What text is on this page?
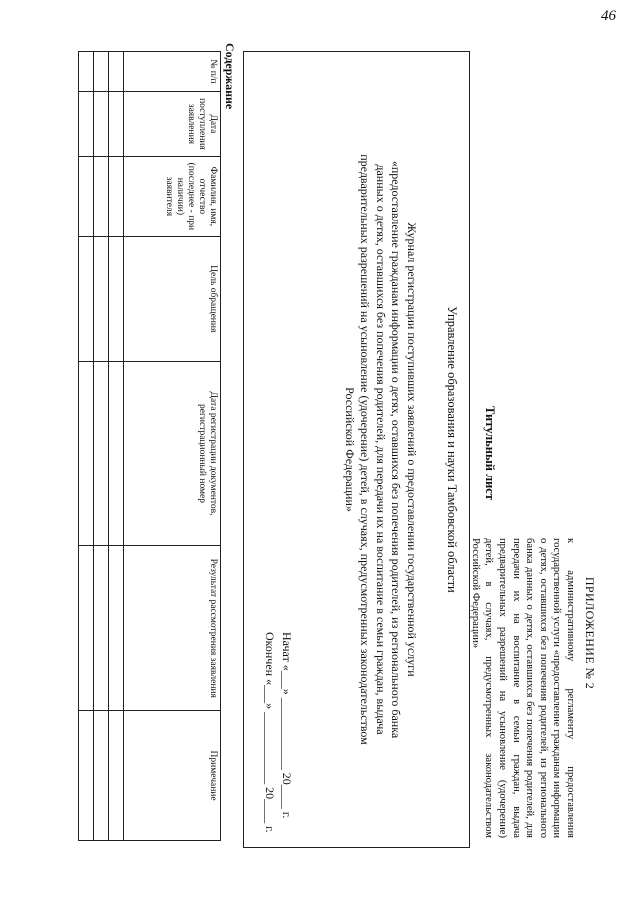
46
ПРИЛОЖЕНИЕ № 2
к административному регламенту предоставления государственной услуги «предоставление гражданам информации о детях, оставшихся без попечения родителей, из регионального банка данных о детях, оставшихся без попечения родителей, для передачи их на воспитание в семьи граждан, выдача предварительных разрешений на усыновление (удочерение) детей, в случаях, предусмотренных законодательством Российской Федерации»
Титульный лист
Управление образования и науки Тамбовской области
Журнал регистрации поступивших заявлений о предоставлении государственной услуги
«предоставление гражданам информации о детях, оставшихся без попечения родителей, из регионального банка
данных о детях, оставшихся без попечения родителей, для передачи их на воспитание в семьи граждан, выдача
предварительных разрешений на усыновление (удочерение) детей, в случаях, предусмотренных законодательством
Российской Федерации»
Начат «___» ____________ 20____ г.
Окончен «___» ____________ 20____ г.
Содержание
№ п/п	Дата поступления заявления	Фамилия, имя, отчество (последнее - при наличии) заявителя	Цель обращения	Дата регистрации документов, регистрационный номер	Результат рассмотрения заявления	Примечание
